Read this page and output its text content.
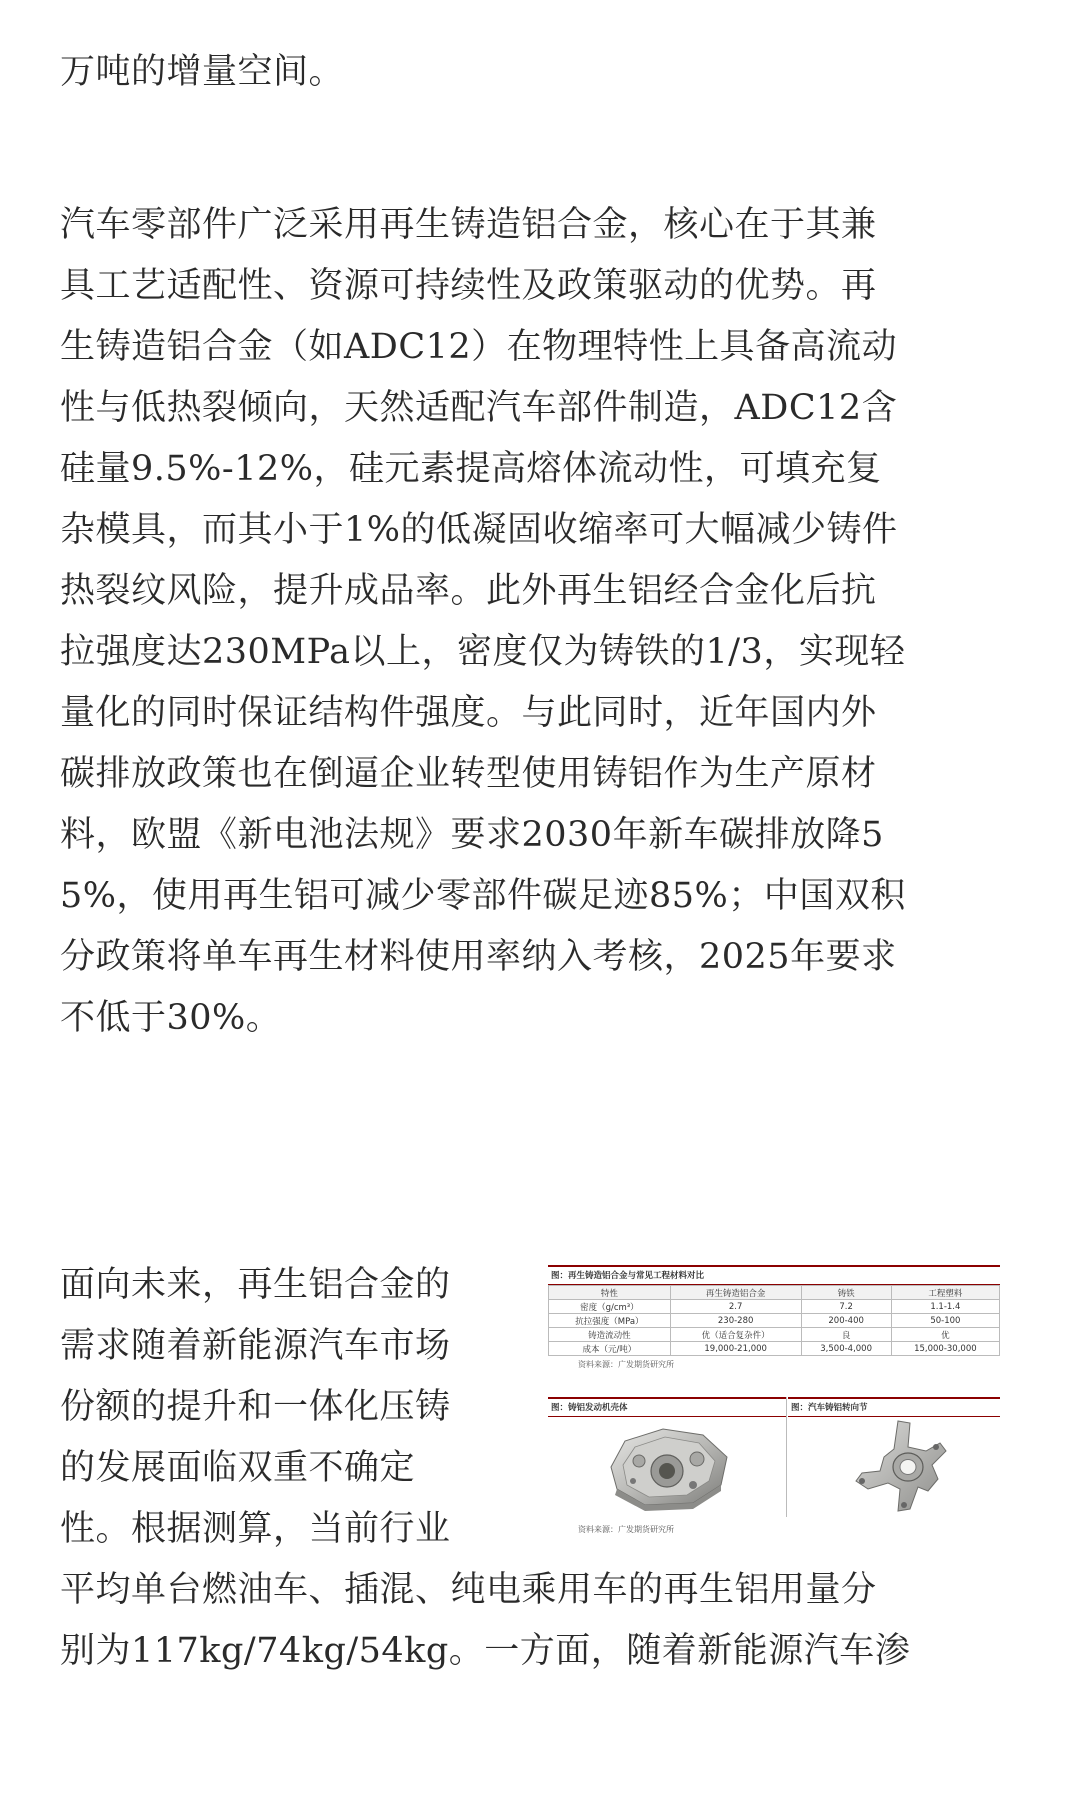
万吨的增量空间。
汽车零部件广泛采用再生铸造铝合金，核心在于其兼
具工艺适配性、资源可持续性及政策驱动的优势。再
生铸造铝合金（如ADC12）在物理特性上具备高流动
性与低热裂倾向，天然适配汽车部件制造，ADC12含
硅量9.5%-12%，硅元素提高熔体流动性，可填充复
杂模具，而其小于1%的低凝固收缩率可大幅减少铸件
热裂纹风险，提升成品率。此外再生铝经合金化后抗
拉强度达230MPa以上，密度仅为铸铁的1/3，实现轻
量化的同时保证结构件强度。与此同时，近年国内外
碳排放政策也在倒逼企业转型使用铸铝作为生产原材
料，欧盟《新电池法规》要求2030年新车碳排放降5
5%，使用再生铝可减少零部件碳足迹85%；中国双积
分政策将单车再生材料使用率纳入考核，2025年要求
不低于30%。
面向未来，再生铝合金的
需求随着新能源汽车市场
份额的提升和一体化压铸
的发展面临双重不确定
性。根据测算，当前行业
平均单台燃油车、插混、纯电乘用车的再生铝用量分
别为117kg/74kg/54kg。一方面，随着新能源汽车渗
图：再生铸造铝合金与常见工程材料对比
特性	再生铸造铝合金	铸铁	工程塑料
密度（g/cm³）	2.7	7.2	1.1-1.4
抗拉强度（MPa）	230-280	200-400	50-100
铸造流动性	优（适合复杂件）	良	优
成本（元/吨）	19,000-21,000	3,500-4,000	15,000-30,000
资料来源：广发期货研究所
图：铸铝发动机壳体	图：汽车铸铝转向节
资料来源：广发期货研究所
